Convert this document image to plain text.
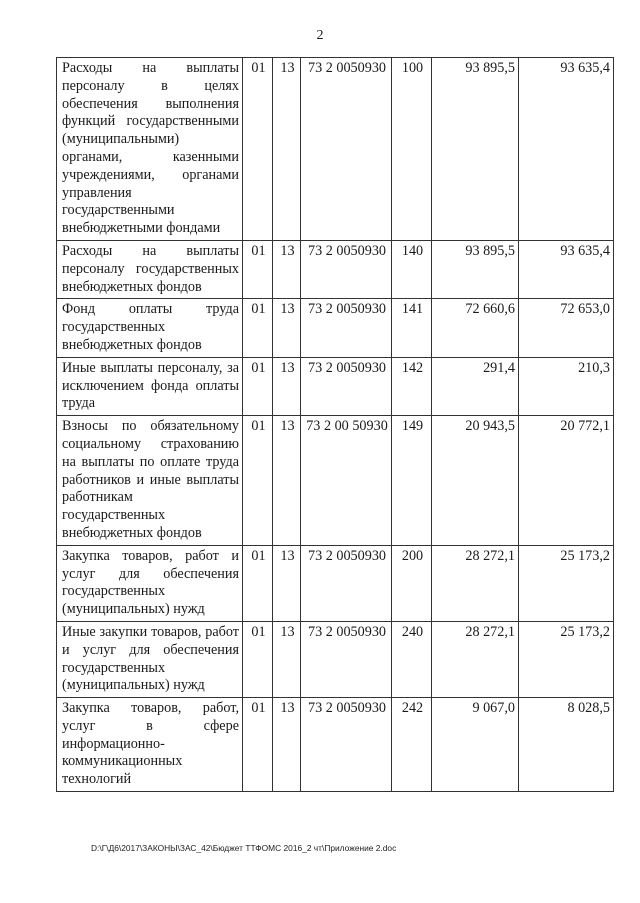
2
Расходы на выплаты персоналу в целях обеспечения выполнения функций государственными (муниципальными) органами, казенными учреждениями, органами управления государственными внебюджетными фондами	01	13	73 2 0050930	100	93 895,5	93 635,4
Расходы на выплаты персоналу государственных внебюджетных фондов	01	13	73 2 0050930	140	93 895,5	93 635,4
Фонд оплаты труда государственных внебюджетных фондов	01	13	73 2 0050930	141	72 660,6	72 653,0
Иные выплаты персоналу, за исключением фонда оплаты труда	01	13	73 2 0050930	142	291,4	210,3
Взносы по обязательному социальному страхованию на выплаты по оплате труда работников и иные выплаты работникам государственных внебюджетных фондов	01	13	73 2 00 50930	149	20 943,5	20 772,1
Закупка товаров, работ и услуг для обеспечения государственных (муниципальных) нужд	01	13	73 2 0050930	200	28 272,1	25 173,2
Иные закупки товаров, работ и услуг для обеспечения государственных (муниципальных) нужд	01	13	73 2 0050930	240	28 272,1	25 173,2
Закупка товаров, работ, услуг в сфере информационно-коммуникационных технологий	01	13	73 2 0050930	242	9 067,0	8 028,5
D:\Г\Д6\2017\ЗАКОНЫ\ЗАС_42\Бюджет ТТФОМС 2016_2 чт\Приложение 2.doc
